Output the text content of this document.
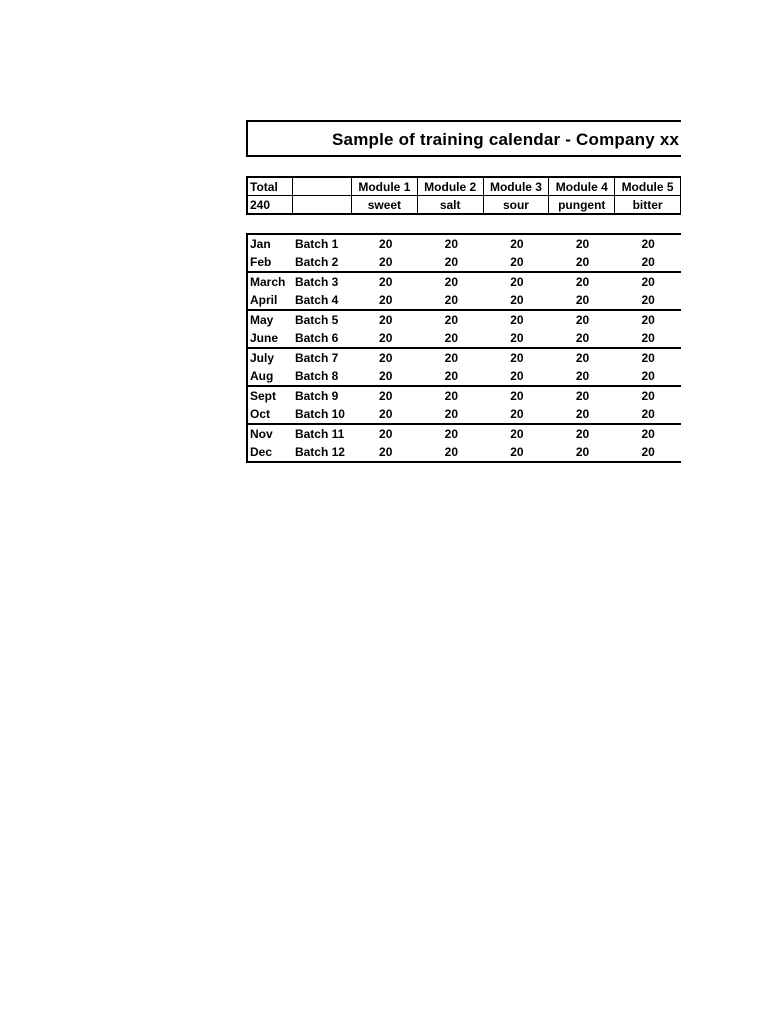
Sample of training calendar - Company xx
Total		Module 1	Module 2	Module 3	Module 4	Module 5
240		sweet	salt	sour	pungent	bitter
Jan	Batch 1	20	20	20	20	20
Feb	Batch 2	20	20	20	20	20
March	Batch 3	20	20	20	20	20
April	Batch 4	20	20	20	20	20
May	Batch 5	20	20	20	20	20
June	Batch 6	20	20	20	20	20
July	Batch 7	20	20	20	20	20
Aug	Batch 8	20	20	20	20	20
Sept	Batch 9	20	20	20	20	20
Oct	Batch 10	20	20	20	20	20
Nov	Batch 11	20	20	20	20	20
Dec	Batch 12	20	20	20	20	20
